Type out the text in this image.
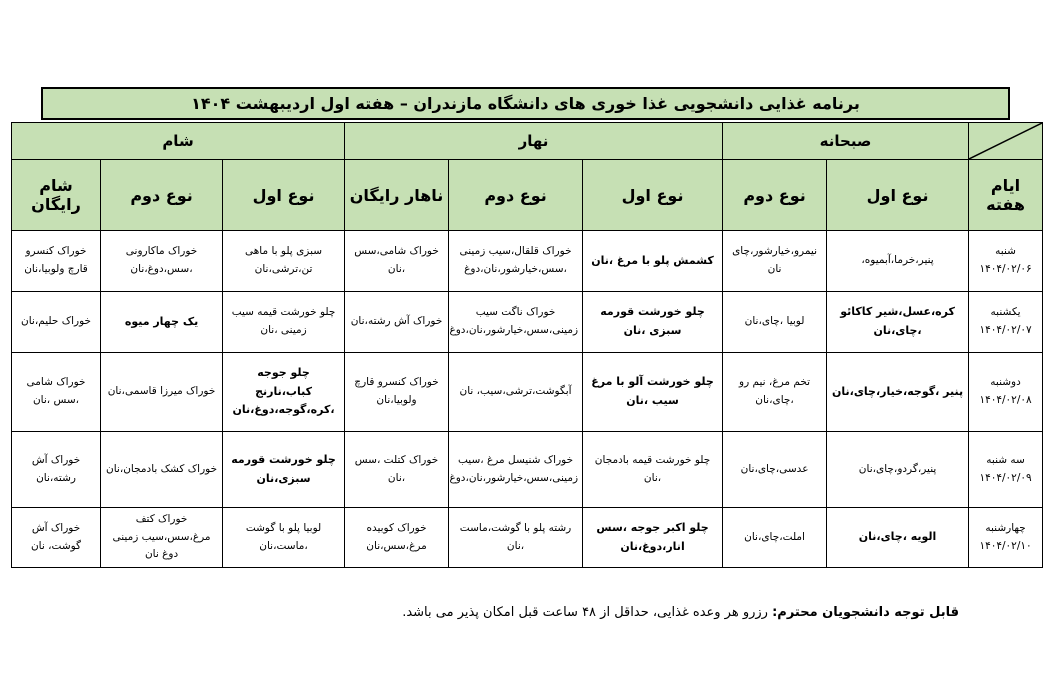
برنامه غذایی دانشجویی غذا خوری های دانشگاه مازندران – هفته اول اردیبهشت ۱۴۰۴
	صبحانه		نهار			شام		
ایام هفته	نوع اول	نوع دوم	نوع اول	نوع دوم	ناهار رایگان	نوع اول	نوع دوم	شام رایگان

شنبه
۱۴۰۴/۰۲/۰۶	پنیر،خرما،آبمیوه،	نیمرو،خیارشور،چای نان	کشمش پلو با مرغ ،نان	خوراک قلقال،سیب زمینی ،سس،خیارشور،نان،دوغ	خوراک شامی،سس ،نان	سبزی پلو با ماهی تن،ترشی،نان	خوراک ماکارونی ،سس،دوغ،نان	خوراک کنسرو قارچ ولوبیا،نان

یکشنبه
۱۴۰۴/۰۲/۰۷	کره،عسل،شیر کاکائو ،چای،نان	لوبیا ،چای،نان	چلو خورشت قورمه سبزی ،نان	خوراک ناگت سیب زمینی،سس،خیارشور،نان،دوغ	خوراک آش رشته،نان	چلو خورشت قیمه سیب زمینی ،نان	یک چهار میوه	خوراک حلیم،نان

دوشنبه
۱۴۰۴/۰۲/۰۸	پنیر ،گوجه،خیار،چای،نان	تخم مرغ، نیم رو ،چای،نان	چلو خورشت آلو با مرغ سیب ،نان	آبگوشت،ترشی،سیب، نان	خوراک کنسرو قارچ ولوبیا،نان	چلو جوجه کباب،نارنج ،کره،گوجه،دوغ،نان	خوراک میرزا قاسمی،نان	خوراک شامی ،سس ،نان

سه شنبه
۱۴۰۴/۰۲/۰۹	پنیر،گردو،چای،نان	عدسی،چای،نان	چلو خورشت قیمه بادمجان ،نان	خوراک شنیسل مرغ ،سیب زمینی،سس،خیارشور،نان،دوغ	خوراک کتلت ،سس ،نان	چلو خورشت قورمه سبزی،نان	خوراک کشک بادمجان،نان	خوراک آش رشته،نان

چهارشنبه
۱۴۰۴/۰۲/۱۰	الویه ،چای،نان	املت،چای،نان	چلو اکبر جوجه ،سس انار،دوغ،نان	رشته پلو با گوشت،ماست ،نان	خوراک کوبیده مرغ،سس،نان	لوبیا پلو با گوشت ،ماست،نان	خوراک کتف مرغ،سس،سیب زمینی دوغ نان	خوراک آش گوشت، نان
قابل توجه دانشجویان محترم: رزرو هر وعده غذایی، حداقل از ۴۸ ساعت قبل امکان پذیر می باشد.
